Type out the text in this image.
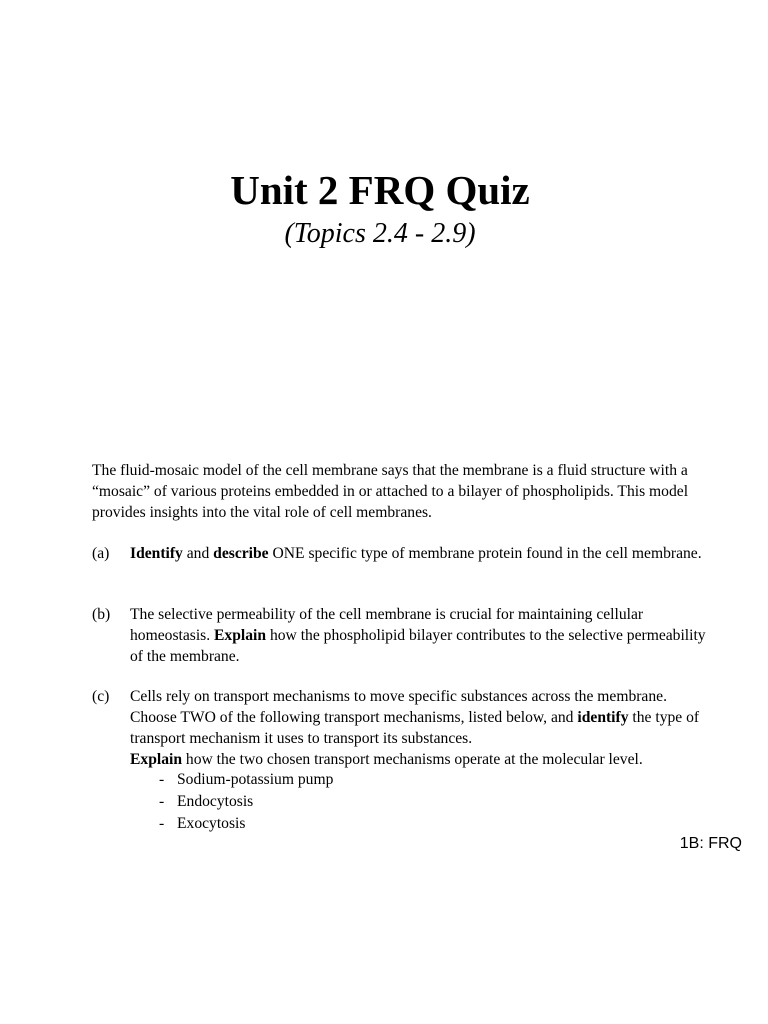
Unit 2 FRQ Quiz
(Topics 2.4 - 2.9)

The fluid-mosaic model of the cell membrane says that the membrane is a fluid structure with a “mosaic” of various proteins embedded in or attached to a bilayer of phospholipids. This model provides insights into the vital role of cell membranes.

(a) Identify and describe ONE specific type of membrane protein found in the cell membrane.
(b) The selective permeability of the cell membrane is crucial for maintaining cellular homeostasis. Explain how the phospholipid bilayer contributes to the selective permeability of the membrane.
(c) Cells rely on transport mechanisms to move specific substances across the membrane. Choose TWO of the following transport mechanisms, listed below, and identify the type of transport mechanism it uses to transport its substances.
Explain how the two chosen transport mechanisms operate at the molecular level.
- Sodium-potassium pump
- Endocytosis
- Exocytosis
1B: FRQ
